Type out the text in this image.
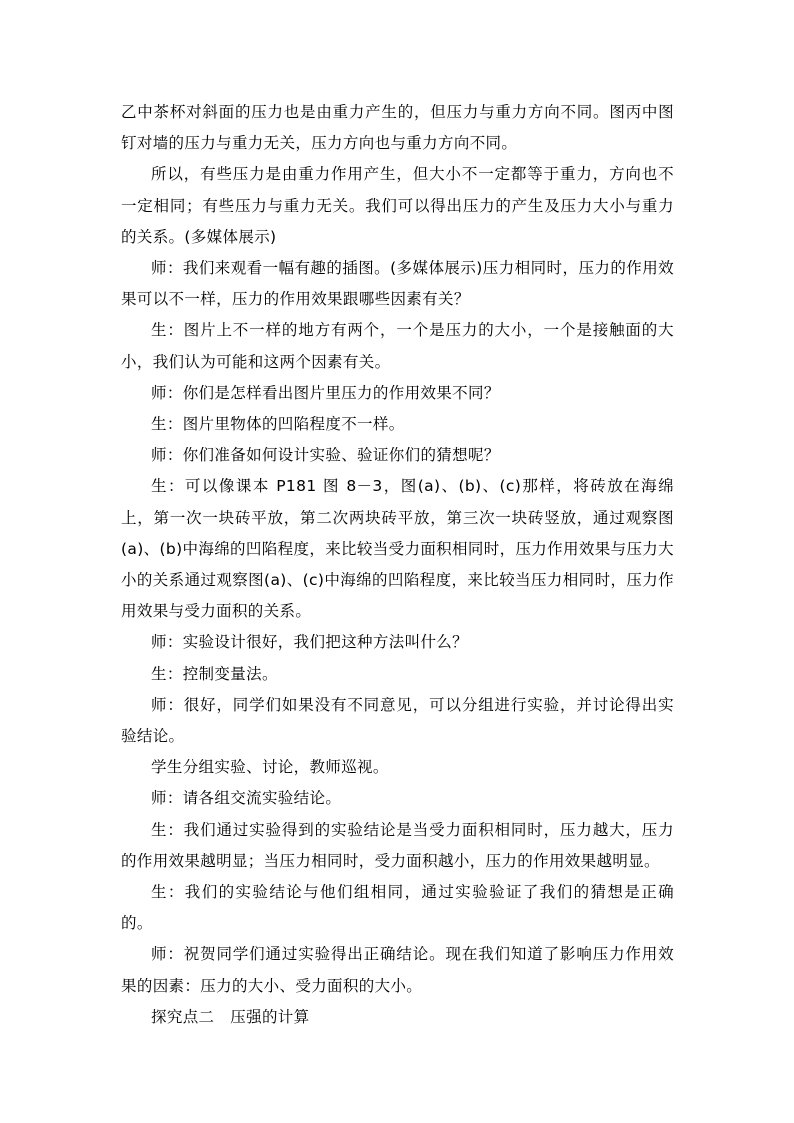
乙中茶杯对斜面的压力也是由重力产生的，但压力与重力方向不同。图丙中图钉对墙的压力与重力无关，压力方向也与重力方向不同。

所以，有些压力是由重力作用产生，但大小不一定都等于重力，方向也不一定相同；有些压力与重力无关。我们可以得出压力的产生及压力大小与重力的关系。(多媒体展示)

师：我们来观看一幅有趣的插图。(多媒体展示)压力相同时，压力的作用效果可以不一样，压力的作用效果跟哪些因素有关？

生：图片上不一样的地方有两个，一个是压力的大小，一个是接触面的大小，我们认为可能和这两个因素有关。

师：你们是怎样看出图片里压力的作用效果不同？

生：图片里物体的凹陷程度不一样。

师：你们准备如何设计实验、验证你们的猜想呢？

生：可以像课本 P181 图 8－3，图(a)、(b)、(c)那样，将砖放在海绵上，第一次一块砖平放，第二次两块砖平放，第三次一块砖竖放，通过观察图(a)、(b)中海绵的凹陷程度，来比较当受力面积相同时，压力作用效果与压力大小的关系通过观察图(a)、(c)中海绵的凹陷程度，来比较当压力相同时，压力作用效果与受力面积的关系。

师：实验设计很好，我们把这种方法叫什么？

生：控制变量法。

师：很好，同学们如果没有不同意见，可以分组进行实验，并讨论得出实验结论。

学生分组实验、讨论，教师巡视。

师：请各组交流实验结论。

生：我们通过实验得到的实验结论是当受力面积相同时，压力越大，压力的作用效果越明显；当压力相同时，受力面积越小，压力的作用效果越明显。

生：我们的实验结论与他们组相同，通过实验验证了我们的猜想是正确的。

师：祝贺同学们通过实验得出正确结论。现在我们知道了影响压力作用效果的因素：压力的大小、受力面积的大小。

探究点二　压强的计算
